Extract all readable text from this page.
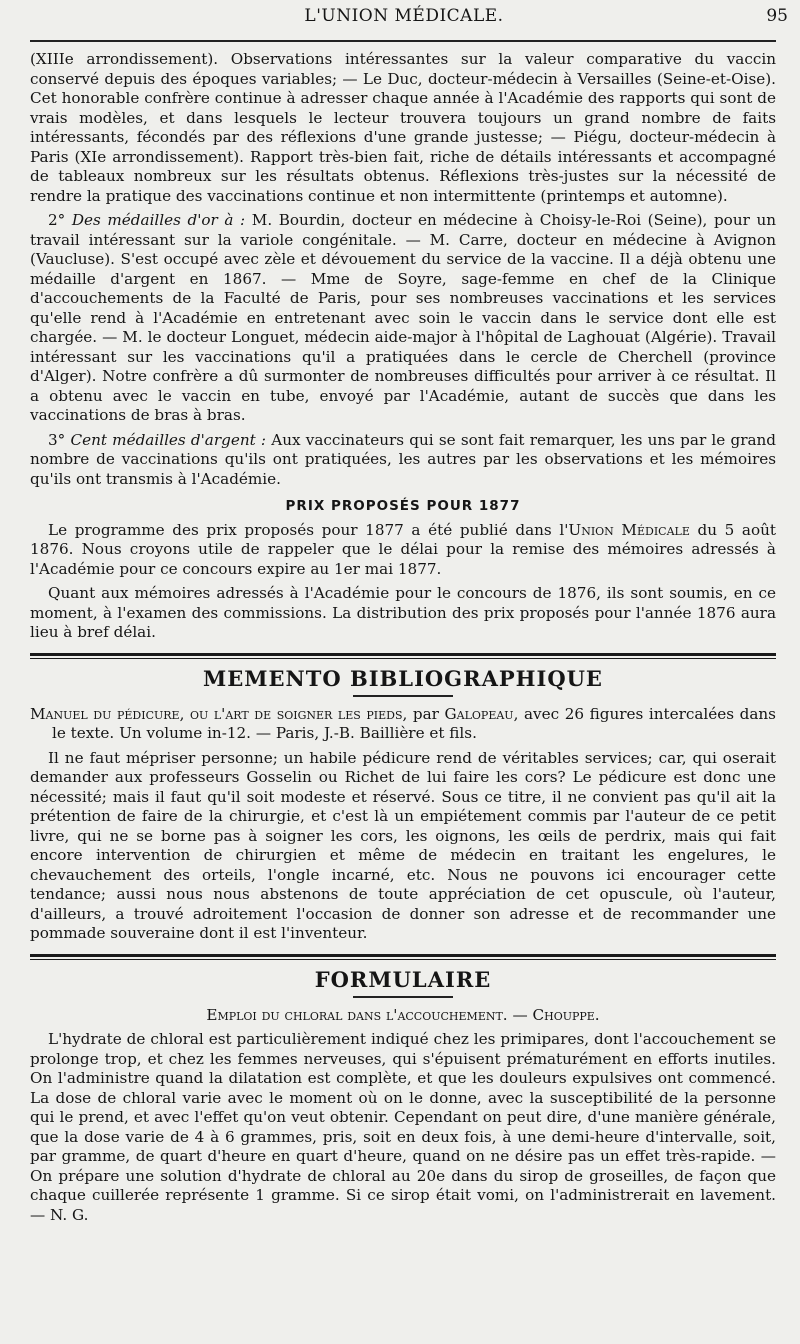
L'UNION MÉDICALE.	95

(XIIIe arrondissement). Observations intéressantes sur la valeur comparative du vaccin conservé depuis des époques variables; — Le Duc, docteur-médecin à Versailles (Seine-et-Oise). Cet honorable confrère continue à adresser chaque année à l'Académie des rapports qui sont de vrais modèles, et dans lesquels le lecteur trouvera toujours un grand nombre de faits intéressants, fécondés par des réflexions d'une grande justesse; — Piégu, docteur-médecin à Paris (XIe arrondissement). Rapport très-bien fait, riche de détails intéressants et accompagné de tableaux nombreux sur les résultats obtenus. Réflexions très-justes sur la nécessité de rendre la pratique des vaccinations continue et non intermittente (printemps et automne).

2° Des médailles d'or à : M. Bourdin, docteur en médecine à Choisy-le-Roi (Seine), pour un travail intéressant sur la variole congénitale. — M. Carre, docteur en médecine à Avignon (Vaucluse). S'est occupé avec zèle et dévouement du service de la vaccine. Il a déjà obtenu une médaille d'argent en 1867. — Mme de Soyre, sage-femme en chef de la Clinique d'accouchements de la Faculté de Paris, pour ses nombreuses vaccinations et les services qu'elle rend à l'Académie en entretenant avec soin le vaccin dans le service dont elle est chargée. — M. le docteur Longuet, médecin aide-major à l'hôpital de Laghouat (Algérie). Travail intéressant sur les vaccinations qu'il a pratiquées dans le cercle de Cherchell (province d'Alger). Notre confrère a dû surmonter de nombreuses difficultés pour arriver à ce résultat. Il a obtenu avec le vaccin en tube, envoyé par l'Académie, autant de succès que dans les vaccinations de bras à bras.

3° Cent médailles d'argent : Aux vaccinateurs qui se sont fait remarquer, les uns par le grand nombre de vaccinations qu'ils ont pratiquées, les autres par les observations et les mémoires qu'ils ont transmis à l'Académie.

PRIX PROPOSÉS POUR 1877

Le programme des prix proposés pour 1877 a été publié dans l'Union Médicale du 5 août 1876. Nous croyons utile de rappeler que le délai pour la remise des mémoires adressés à l'Académie pour ce concours expire au 1er mai 1877.

Quant aux mémoires adressés à l'Académie pour le concours de 1876, ils sont soumis, en ce moment, à l'examen des commissions. La distribution des prix proposés pour l'année 1876 aura lieu à bref délai.

MEMENTO BIBLIOGRAPHIQUE

Manuel du pédicure, ou l'art de soigner les pieds, par Galopeau, avec 26 figures intercalées dans le texte. Un volume in-12. — Paris, J.-B. Baillière et fils.

Il ne faut mépriser personne; un habile pédicure rend de véritables services; car, qui oserait demander aux professeurs Gosselin ou Richet de lui faire les cors? Le pédicure est donc une nécessité; mais il faut qu'il soit modeste et réservé. Sous ce titre, il ne convient pas qu'il ait la prétention de faire de la chirurgie, et c'est là un empiétement commis par l'auteur de ce petit livre, qui ne se borne pas à soigner les cors, les oignons, les œils de perdrix, mais qui fait encore intervention de chirurgien et même de médecin en traitant les engelures, le chevauchement des orteils, l'ongle incarné, etc. Nous ne pouvons ici encourager cette tendance; aussi nous nous abstenons de toute appréciation de cet opuscule, où l'auteur, d'ailleurs, a trouvé adroitement l'occasion de donner son adresse et de recommander une pommade souveraine dont il est l'inventeur.

FORMULAIRE

Emploi du chloral dans l'accouchement. — Chouppe.

L'hydrate de chloral est particulièrement indiqué chez les primipares, dont l'accouchement se prolonge trop, et chez les femmes nerveuses, qui s'épuisent prématurément en efforts inutiles. On l'administre quand la dilatation est complète, et que les douleurs expulsives ont commencé. La dose de chloral varie avec le moment où on le donne, avec la susceptibilité de la personne qui le prend, et avec l'effet qu'on veut obtenir. Cependant on peut dire, d'une manière générale, que la dose varie de 4 à 6 grammes, pris, soit en deux fois, à une demi-heure d'intervalle, soit, par gramme, de quart d'heure en quart d'heure, quand on ne désire pas un effet très-rapide. — On prépare une solution d'hydrate de chloral au 20e dans du sirop de groseilles, de façon que chaque cuillerée représente 1 gramme. Si ce sirop était vomi, on l'administrerait en lavement. — N. G.
